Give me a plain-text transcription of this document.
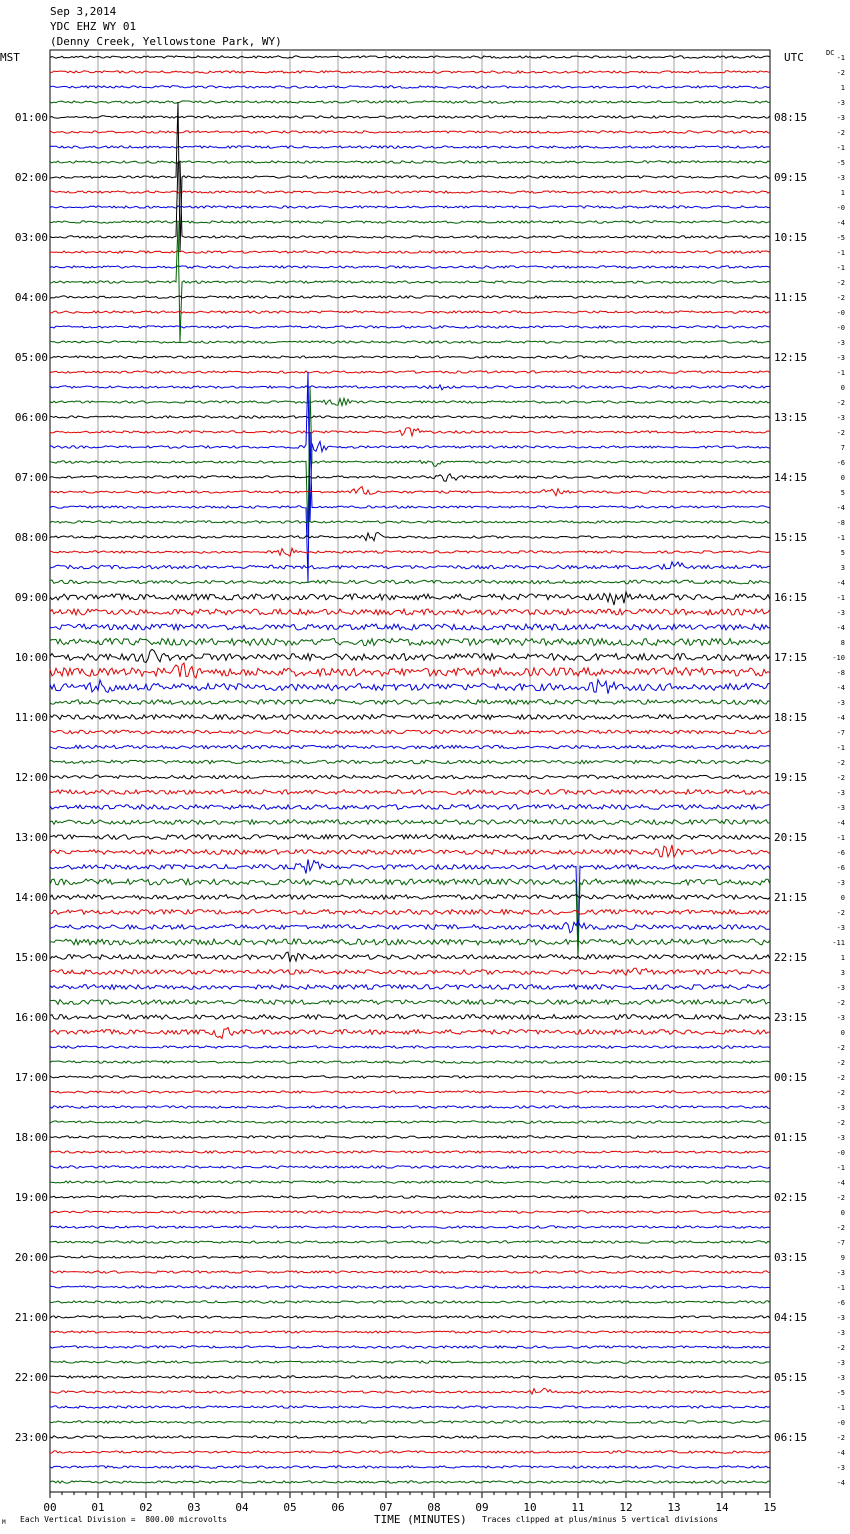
Sep 3,2014
YDC EHZ WY 01
(Denny Creek, Yellowstone Park, WY)
MST	UTC	DC
00	01	02	03	04	05	06	07	08	09	10	11	12	13	14	15
-1
-2
1
-3
-3
-2
-1
-5
-3
1
-0
-4
-5
-1
-1
-2
-2
-0
-0
-3
-3
-1
0
-2
-3
-2
7
-6
0
5
-4
-8
-1
5
3
-4
-1
-3
-4
8
-10
-8
-4
-3
-4
-7
-1
-2
-2
-3
-3
-4
-1
-6
-6
-3
0
-2
-3
-11
1
3
-3
-2
-3
0
-2
-2
-2
-2
-3
-2
-3
-0
-1
-4
-2
0
-2
-7
9
-3
-1
-6
-3
-3
-2
-3
-3
-5
-1
-0
-2
-4
-3
-4
01:00
02:00
03:00
04:00
05:00
06:00
07:00
08:00
09:00
10:00
11:00
12:00
13:00
14:00
15:00
16:00
17:00
18:00
19:00
20:00
21:00
22:00
23:00
08:15
09:15
10:15
11:15
12:15
13:15
14:15
15:15
16:15
17:15
18:15
19:15
20:15
21:15
22:15
23:15
00:15
01:15
02:15
03:15
04:15
05:15
06:15
Each Vertical Division =  800.00 microvolts	TIME (MINUTES) Traces clipped at plus/minus 5 vertical divisions
M
